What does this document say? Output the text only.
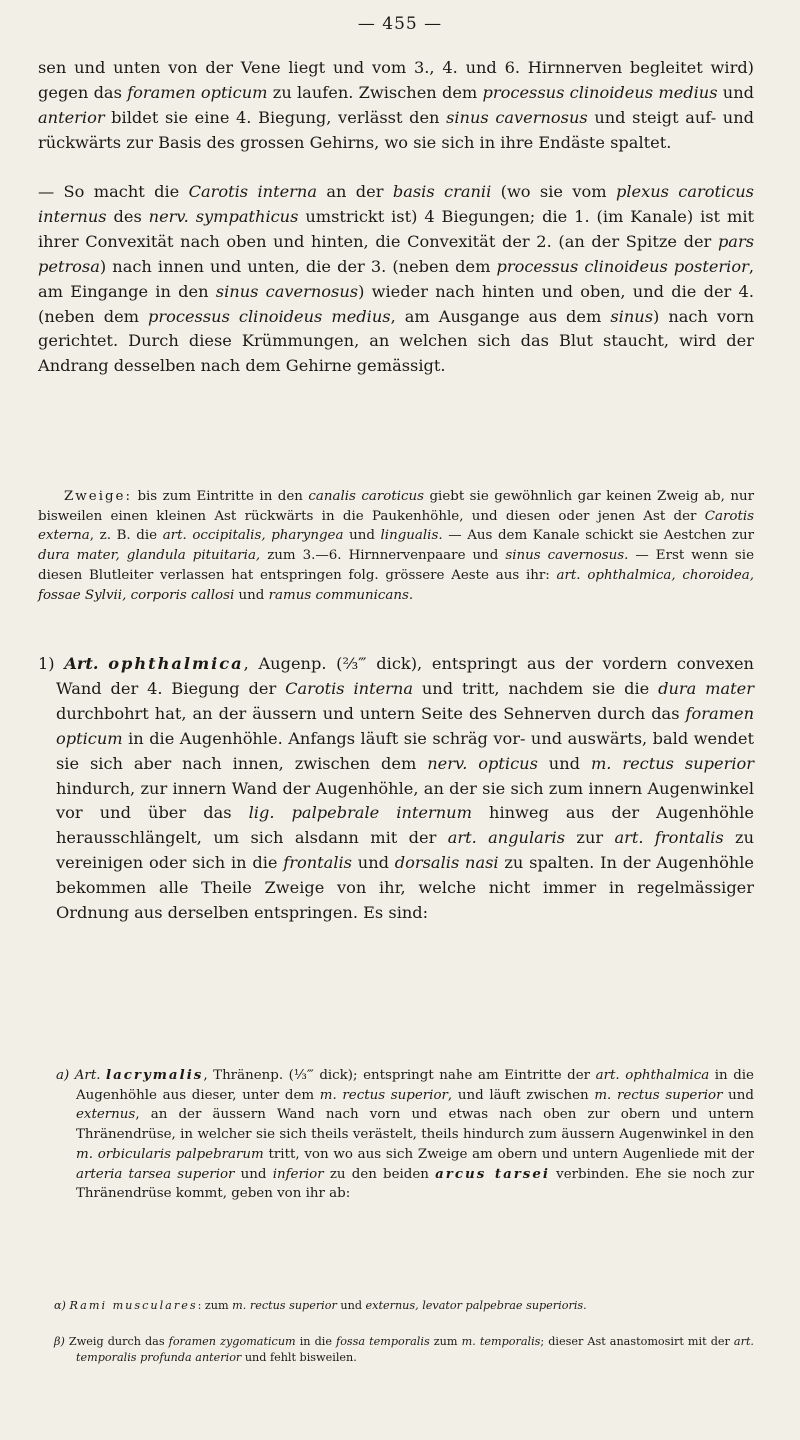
— 455 —

sen und unten von der Vene liegt und vom 3., 4. und 6. Hirnnerven begleitet wird) gegen das foramen opticum zu laufen. Zwischen dem processus clinoideus medius und anterior bildet sie eine 4. Biegung, verlässt den sinus cavernosus und steigt auf- und rückwärts zur Basis des grossen Gehirns, wo sie sich in ihre Endäste spaltet.

— So macht die Carotis interna an der basis cranii (wo sie vom plexus caroticus internus des nerv. sympathicus umstrickt ist) 4 Biegungen; die 1. (im Kanale) ist mit ihrer Convexität nach oben und hinten, die Convexität der 2. (an der Spitze der pars petrosa) nach innen und unten, die der 3. (neben dem processus clinoideus posterior, am Eingange in den sinus cavernosus) wieder nach hinten und oben, und die der 4. (neben dem processus clinoideus medius, am Ausgange aus dem sinus) nach vorn gerichtet. Durch diese Krümmungen, an welchen sich das Blut staucht, wird der Andrang desselben nach dem Gehirne gemässigt.

Zweige: bis zum Eintritte in den canalis caroticus giebt sie gewöhnlich gar keinen Zweig ab, nur bisweilen einen kleinen Ast rückwärts in die Paukenhöhle, und diesen oder jenen Ast der Carotis externa, z. B. die art. occipitalis, pharyngea und lingualis. — Aus dem Kanale schickt sie Aestchen zur dura mater, glandula pituitaria, zum 3.—6. Hirnnervenpaare und sinus cavernosus. — Erst wenn sie diesen Blutleiter verlassen hat entspringen folg. grössere Aeste aus ihr: art. ophthalmica, choroidea, fossae Sylvii, corporis callosi und ramus communicans.

1) Art. ophthalmica, Augenp. (⅔‴ dick), entspringt aus der vordern convexen Wand der 4. Biegung der Carotis interna und tritt, nachdem sie die dura mater durchbohrt hat, an der äussern und untern Seite des Sehnerven durch das foramen opticum in die Augenhöhle. Anfangs läuft sie schräg vor- und auswärts, bald wendet sie sich aber nach innen, zwischen dem nerv. opticus und m. rectus superior hindurch, zur innern Wand der Augenhöhle, an der sie sich zum innern Augenwinkel vor und über das lig. palpebrale internum hinweg aus der Augenhöhle herausschlängelt, um sich alsdann mit der art. angularis zur art. frontalis zu vereinigen oder sich in die frontalis und dorsalis nasi zu spalten. In der Augenhöhle bekommen alle Theile Zweige von ihr, welche nicht immer in regelmässiger Ordnung aus derselben entspringen. Es sind:

a) Art. lacrymalis, Thränenp. (⅓‴ dick); entspringt nahe am Eintritte der art. ophthalmica in die Augenhöhle aus dieser, unter dem m. rectus superior, und läuft zwischen m. rectus superior und externus, an der äussern Wand nach vorn und etwas nach oben zur obern und untern Thränendrüse, in welcher sie sich theils verästelt, theils hindurch zum äussern Augenwinkel in den m. orbicularis palpebrarum tritt, von wo aus sich Zweige am obern und untern Augenliede mit der arteria tarsea superior und inferior zu den beiden arcus tarsei verbinden. Ehe sie noch zur Thränendrüse kommt, geben von ihr ab:

α) Rami musculares: zum m. rectus superior und externus, levator palpebrae superioris.

β) Zweig durch das foramen zygomaticum in die fossa temporalis zum m. temporalis; dieser Ast anastomosirt mit der art. temporalis profunda anterior und fehlt bisweilen.
